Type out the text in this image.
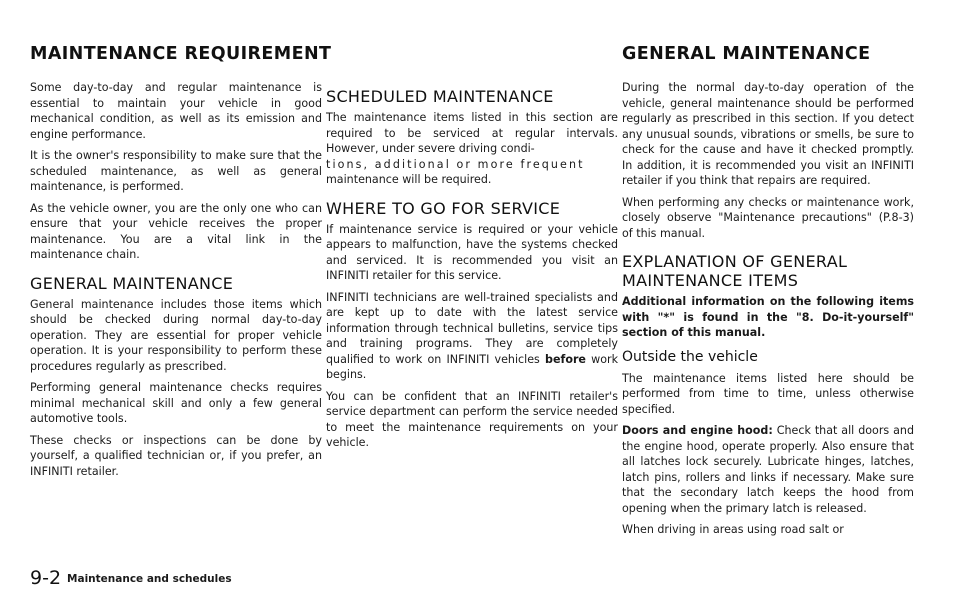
MAINTENANCE REQUIREMENT	GENERAL MAINTENANCE

Some day-to-day and regular maintenance is essential to maintain your vehicle in good mechanical condition, as well as its emission and engine performance.

It is the owner's responsibility to make sure that the scheduled maintenance, as well as general maintenance, is performed.

As the vehicle owner, you are the only one who can ensure that your vehicle receives the proper maintenance. You are a vital link in the maintenance chain.

GENERAL MAINTENANCE

General maintenance includes those items which should be checked during normal day-to-day operation. They are essential for proper vehicle operation. It is your responsibility to perform these procedures regularly as prescribed.

Performing general maintenance checks requires minimal mechanical skill and only a few general automotive tools.

These checks or inspections can be done by yourself, a qualified technician or, if you prefer, an INFINITI retailer.

SCHEDULED MAINTENANCE

The maintenance items listed in this section are required to be serviced at regular intervals. However, under severe driving condi-

tions, additional or more frequent

maintenance will be required.

WHERE TO GO FOR SERVICE

If maintenance service is required or your vehicle appears to malfunction, have the systems checked and serviced. It is recommended you visit an INFINITI retailer for this service.

INFINITI technicians are well-trained specialists and are kept up to date with the latest service information through technical bulletins, service tips and training programs. They are completely qualified to work on INFINITI vehicles before work begins.

You can be confident that an INFINITI retailer's service department can perform the service needed to meet the maintenance requirements on your vehicle.

During the normal day-to-day operation of the vehicle, general maintenance should be performed regularly as prescribed in this section. If you detect any unusual sounds, vibrations or smells, be sure to check for the cause and have it checked promptly. In addition, it is recommended you visit an INFINITI retailer if you think that repairs are required.

When performing any checks or maintenance work, closely observe "Maintenance precautions" (P.8-3) of this manual.

EXPLANATION OF GENERAL MAINTENANCE ITEMS

Additional information on the following items with "*" is found in the "8. Do-it-yourself" section of this manual.

Outside the vehicle

The maintenance items listed here should be performed from time to time, unless otherwise specified.

Doors and engine hood: Check that all doors and the engine hood, operate properly. Also ensure that all latches lock securely. Lubricate hinges, latches, latch pins, rollers and links if necessary. Make sure that the secondary latch keeps the hood from opening when the primary latch is released.

When driving in areas using road salt or

9-2 Maintenance and schedules
